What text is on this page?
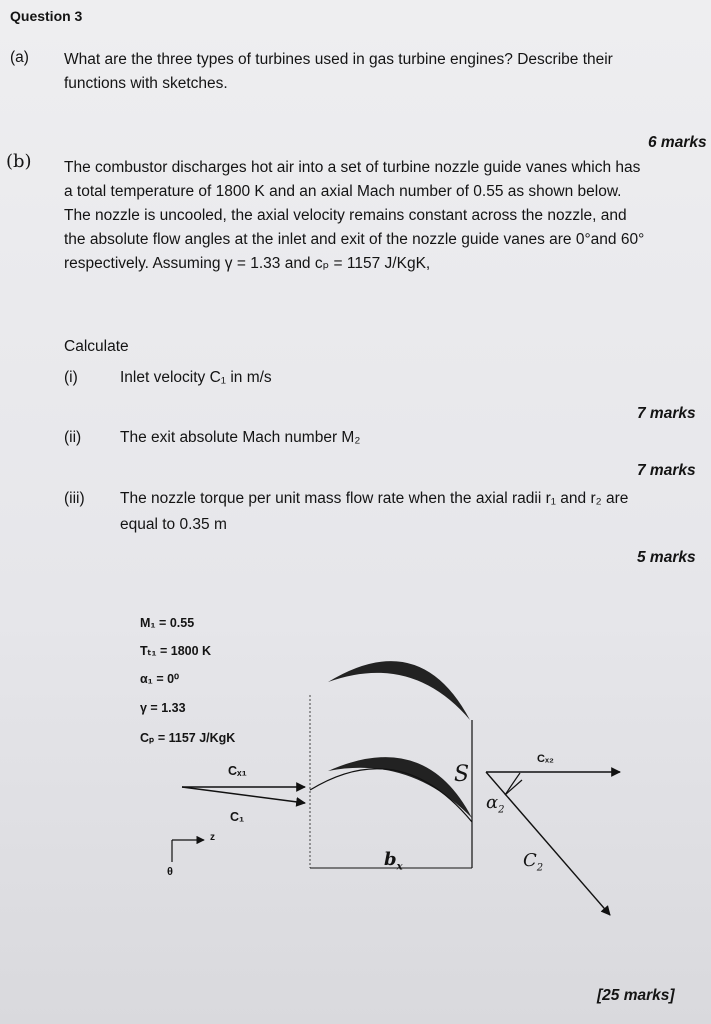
Question 3
(a) What are the three types of turbines used in gas turbine engines? Describe their
functions with sketches.
6 marks
(b) The combustor discharges hot air into a set of turbine nozzle guide vanes which has
a total temperature of 1800 K and an axial Mach number of 0.55 as shown below.
The nozzle is uncooled, the axial velocity remains constant across the nozzle, and
the absolute flow angles at the inlet and exit of the nozzle guide vanes are 0°and 60°
respectively. Assuming γ = 1.33 and cₚ = 1157 J/KgK,
Calculate
(i)	Inlet velocity C₁ in m/s
7 marks
(ii)	The exit absolute Mach number M₂
7 marks
(iii) The nozzle torque per unit mass flow rate when the axial radii r₁ and r₂ are
equal to 0.35 m
5 marks
M₁ = 0.55
Tₜ₁ = 1800 K
α₁ = 0⁰
γ = 1.33
Cₚ = 1157 J/KgK
Cₓ₁
C₁
z
θ
S
$\alpha_2$
$b_x$
Cₓ₂
$C_2$
[25 marks]
